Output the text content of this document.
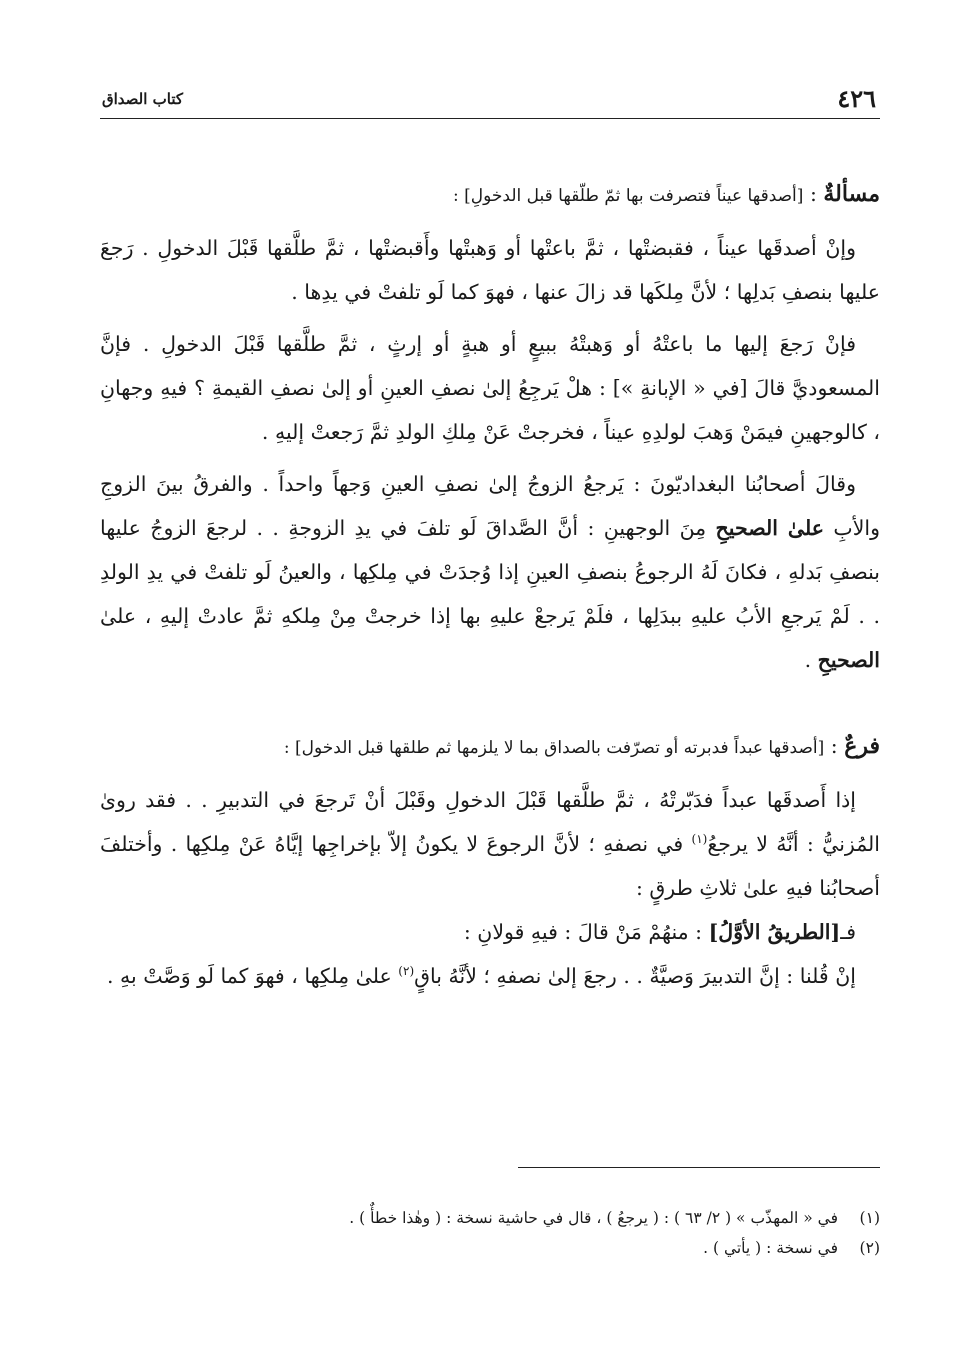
٤٢٦
كتاب الصداق

مسألةٌ : [أصدقها عيناً فتصرفت بها ثمّ طلّقها قبل الدخولِ] :

وإنْ أصدقَها عيناً ، فقبضتْها ، ثمَّ باعتْها أو وَهبتْها وأَقبضتْها ، ثمَّ طلَّقها قَبْلَ الدخولِ . رَجعَ عليها بنصفِ بَدلِها ؛ لأنَّ مِلكَها قد زالَ عنها ، فهوَ كما لَو تلفتْ في يدِها .

فإنْ رَجعَ إليها ما باعتْهُ أو وَهبتْهُ ببيعٍ أو هبةٍ أو إرثٍ ، ثمَّ طلَّقها قَبْلَ الدخولِ . فإنَّ المسعوديَّ قالَ [في « الإبانةِ »] : هلْ يَرجِعُ إلىٰ نصفِ العينِ أو إلىٰ نصفِ القيمةِ ؟ فيهِ وجهانِ ، كالوجهينِ فيمَنْ وَهبَ لولدِهِ عيناً ، فخرجتْ عَنْ مِلكِ الولدِ ثمَّ رَجعتْ إليهِ .

وقالَ أصحابُنا البغداديّونَ : يَرجعُ الزوجُ إلىٰ نصفِ العينِ وَجهاً واحداً . والفرقُ بينَ الزوجِ والأبِ علىٰ الصحيحِ مِنَ الوجهينِ : أنَّ الصَّداقَ لَو تلفَ في يدِ الزوجةِ . . لرجعَ الزوجُ عليها بنصفِ بَدلهِ ، فكانَ لَهُ الرجوعُ بنصفِ العينِ إذا وُجدَتْ في مِلكِها ، والعينُ لَو تلفتْ في يدِ الولدِ . . لَمْ يَرجعِ الأبُ عليهِ ببدَلِها ، فلَمْ يَرجعْ عليهِ بها إذا خرجتْ مِنْ مِلكهِ ثمَّ عادتْ إليهِ ، علىٰ الصحيحِ .

فرعٌ : [أصدقها عبداً فدبرته أو تصرّفت بالصداق بما لا يلزمها ثم طلقها قبل الدخول] :

إذا أَصدقَها عبداً فدَبّرتْهُ ، ثمَّ طلَّقها قَبْلَ الدخولِ وقَبْلَ أنْ تَرجعَ في التدبيرِ . . فقد روىٰ المُزنيُّ : أنَّهُ لا يرجعُ$^{(١)}$ في نصفهِ ؛ لأنَّ الرجوعَ لا يكونُ إلاّ بإخراجِها إيَّاهُ عَنْ مِلكِها . وأختلفَ أصحابُنا فيهِ علىٰ ثلاثِ طرقٍ :

فـ[الطريقُ الأوَّلُ] : منهُمْ مَنْ قالَ : فيهِ قولانِ :

إنْ قُلنا : إنَّ التدبيرَ وَصيَّةٌ . . رجعَ إلىٰ نصفهِ ؛ لأنَّهُ باقٍ$^{(٢)}$ علىٰ مِلكِها ، فهوَ كما لَو وَصَّتْ بهِ .

(١)في « المهذّب » ( ٢/ ٦٣ ) : ( يرجعُ ) ، قال في حاشية نسخة : ( وهٰذا خطأٌ ) .

(٢)في نسخة : ( يأتي ) .
